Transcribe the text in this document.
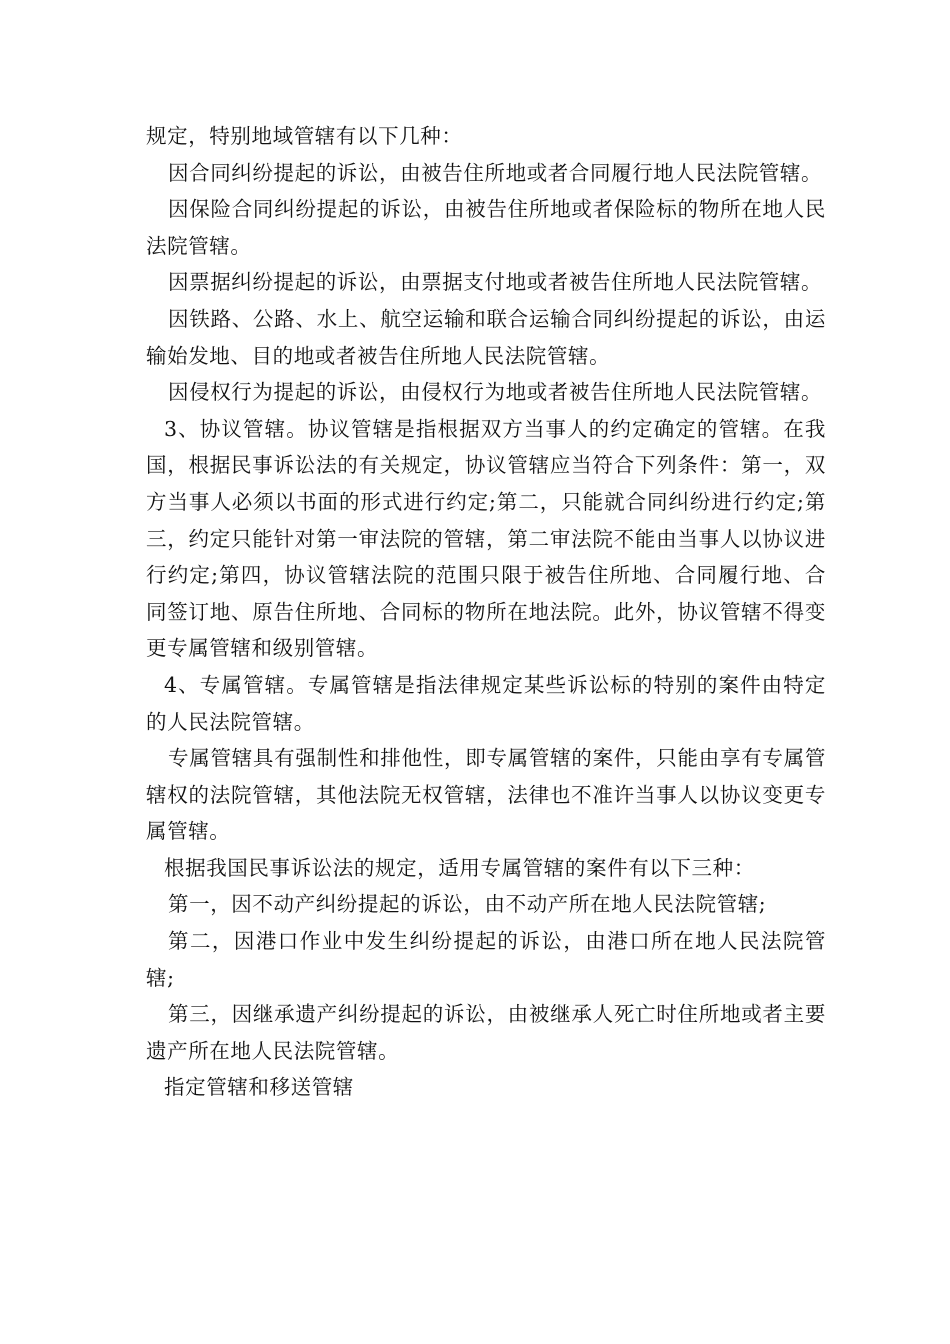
规定，特别地域管辖有以下几种：

因合同纠纷提起的诉讼，由被告住所地或者合同履行地人民法院管辖。

因保险合同纠纷提起的诉讼，由被告住所地或者保险标的物所在地人民法院管辖。

因票据纠纷提起的诉讼，由票据支付地或者被告住所地人民法院管辖。

因铁路、公路、水上、航空运输和联合运输合同纠纷提起的诉讼，由运输始发地、目的地或者被告住所地人民法院管辖。

因侵权行为提起的诉讼，由侵权行为地或者被告住所地人民法院管辖。

3、协议管辖。协议管辖是指根据双方当事人的约定确定的管辖。在我国，根据民事诉讼法的有关规定，协议管辖应当符合下列条件：第一，双方当事人必须以书面的形式进行约定;第二，只能就合同纠纷进行约定;第三，约定只能针对第一审法院的管辖，第二审法院不能由当事人以协议进行约定;第四，协议管辖法院的范围只限于被告住所地、合同履行地、合同签订地、原告住所地、合同标的物所在地法院。此外，协议管辖不得变更专属管辖和级别管辖。

4、专属管辖。专属管辖是指法律规定某些诉讼标的特别的案件由特定的人民法院管辖。

专属管辖具有强制性和排他性，即专属管辖的案件，只能由享有专属管辖权的法院管辖，其他法院无权管辖，法律也不准许当事人以协议变更专属管辖。

根据我国民事诉讼法的规定，适用专属管辖的案件有以下三种：

第一，因不动产纠纷提起的诉讼，由不动产所在地人民法院管辖;

第二，因港口作业中发生纠纷提起的诉讼，由港口所在地人民法院管辖;

第三，因继承遗产纠纷提起的诉讼，由被继承人死亡时住所地或者主要遗产所在地人民法院管辖。

指定管辖和移送管辖
